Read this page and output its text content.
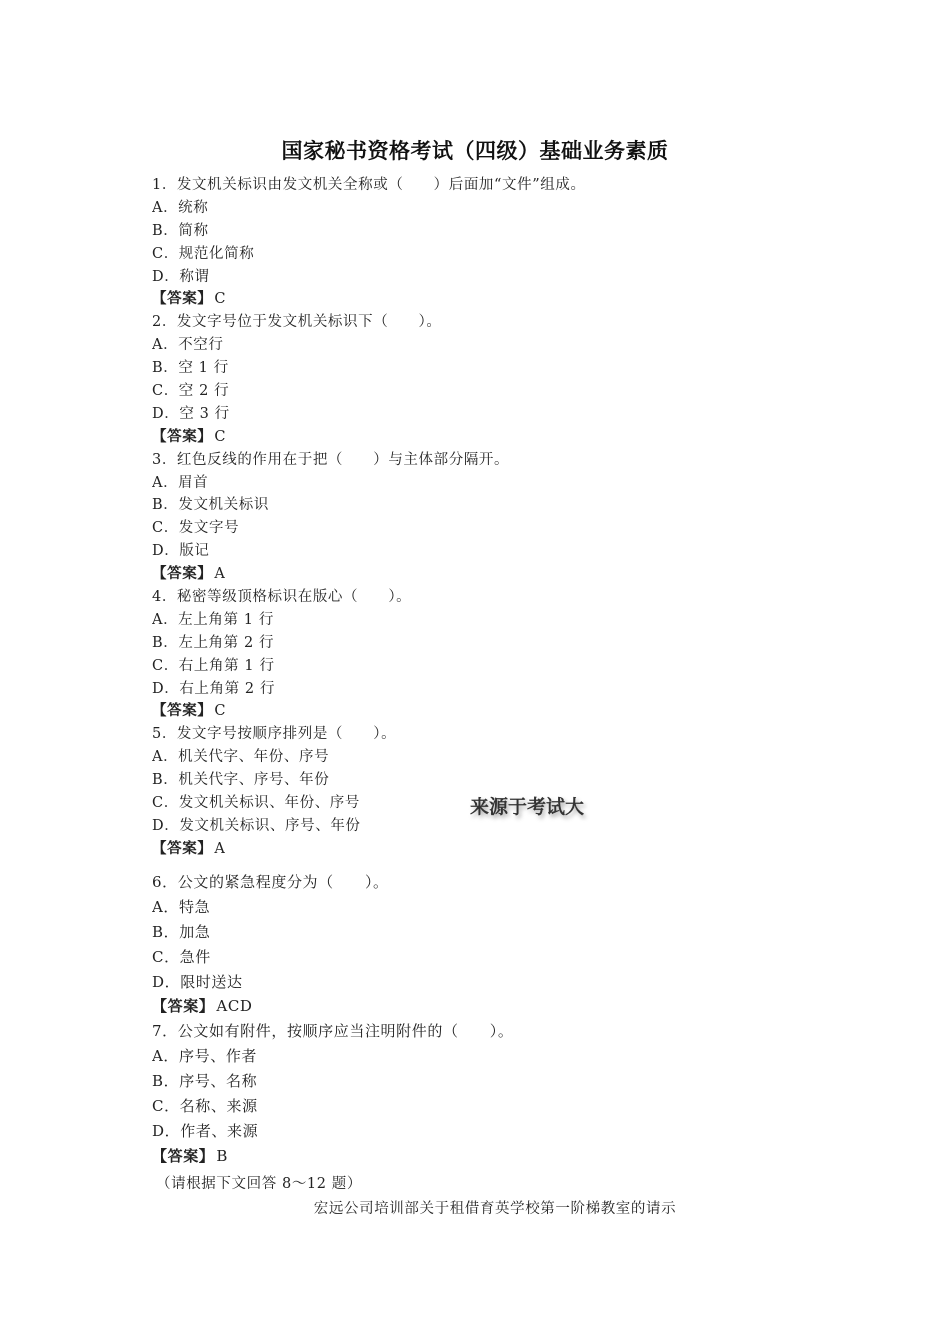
国家秘书资格考试（四级）基础业务素质
1．发文机关标识由发文机关全称或（　　）后面加“文件”组成。
A．统称
B．简称
C．规范化简称
D．称谓
【答案】 C
2．发文字号位于发文机关标识下（　　）。
A．不空行
B．空 1 行
C．空 2 行
D．空 3 行
【答案】 C
3．红色反线的作用在于把（　　）与主体部分隔开。
A．眉首
B．发文机关标识
C．发文字号
D．版记
【答案】 A
4．秘密等级顶格标识在版心（　　）。
A．左上角第 1 行
B．左上角第 2 行
C．右上角第 1 行
D．右上角第 2 行
【答案】 C
5．发文字号按顺序排列是（　　）。
A．机关代字、年份、序号
B．机关代字、序号、年份
C．发文机关标识、年份、序号
D．发文机关标识、序号、年份
【答案】 A
6．公文的紧急程度分为（　　）。
A．特急
B．加急
C．急件
D．限时送达
【答案】 ACD
7．公文如有附件，按顺序应当注明附件的（　　）。
A．序号、作者
B．序号、名称
C．名称、来源
D．作者、来源
【答案】 B
来源于考试大
（请根据下文回答 8～12 题）
宏远公司培训部关于租借育英学校第一阶梯教室的请示
